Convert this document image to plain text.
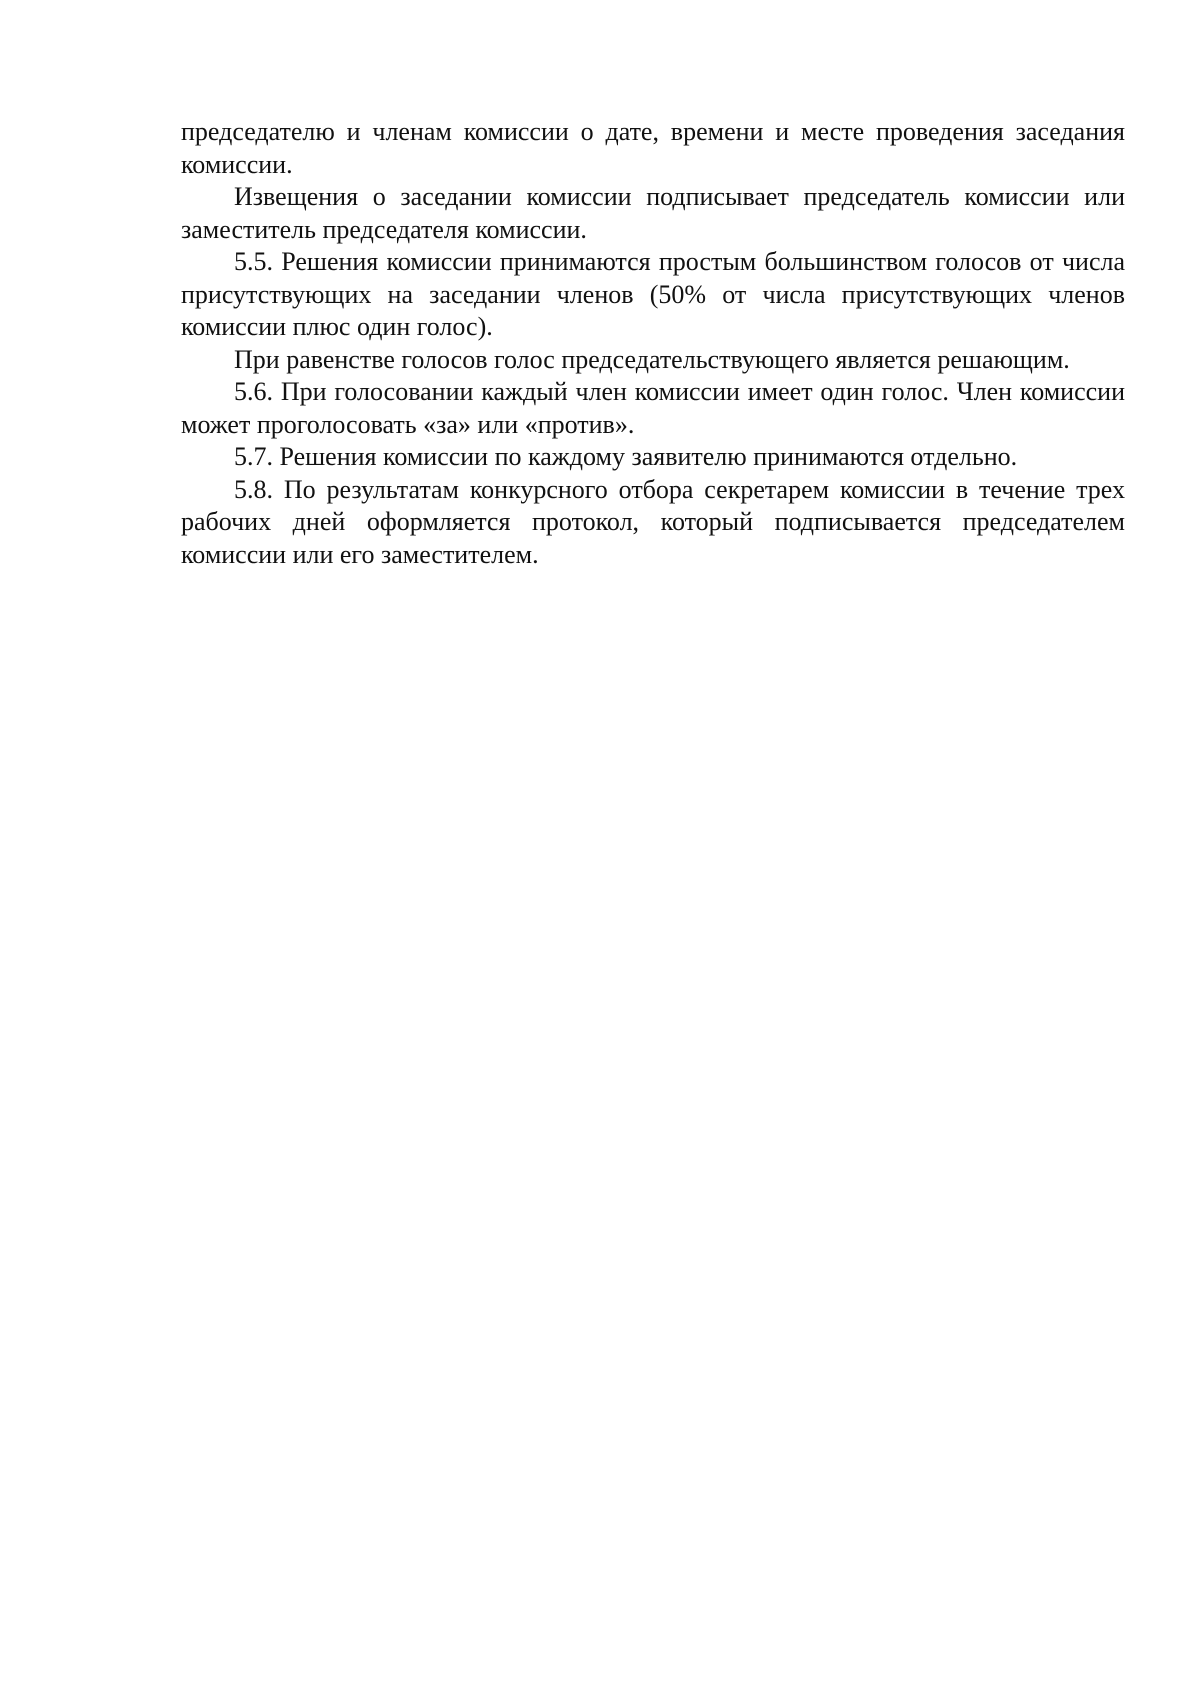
председателю и членам комиссии о дате, времени и месте проведения заседания комиссии.

Извещения о заседании комиссии подписывает председатель комиссии или заместитель председателя комиссии.

5.5. Решения комиссии принимаются простым большинством голосов от числа присутствующих на заседании членов (50% от числа присутствующих членов комиссии плюс один голос).

При равенстве голосов голос председательствующего является решающим.

5.6. При голосовании каждый член комиссии имеет один голос. Член комиссии может проголосовать «за» или «против».

5.7. Решения комиссии по каждому заявителю принимаются отдельно.

5.8. По результатам конкурсного отбора секретарем комиссии в течение трех рабочих дней оформляется протокол, который подписывается председателем комиссии или его заместителем.
